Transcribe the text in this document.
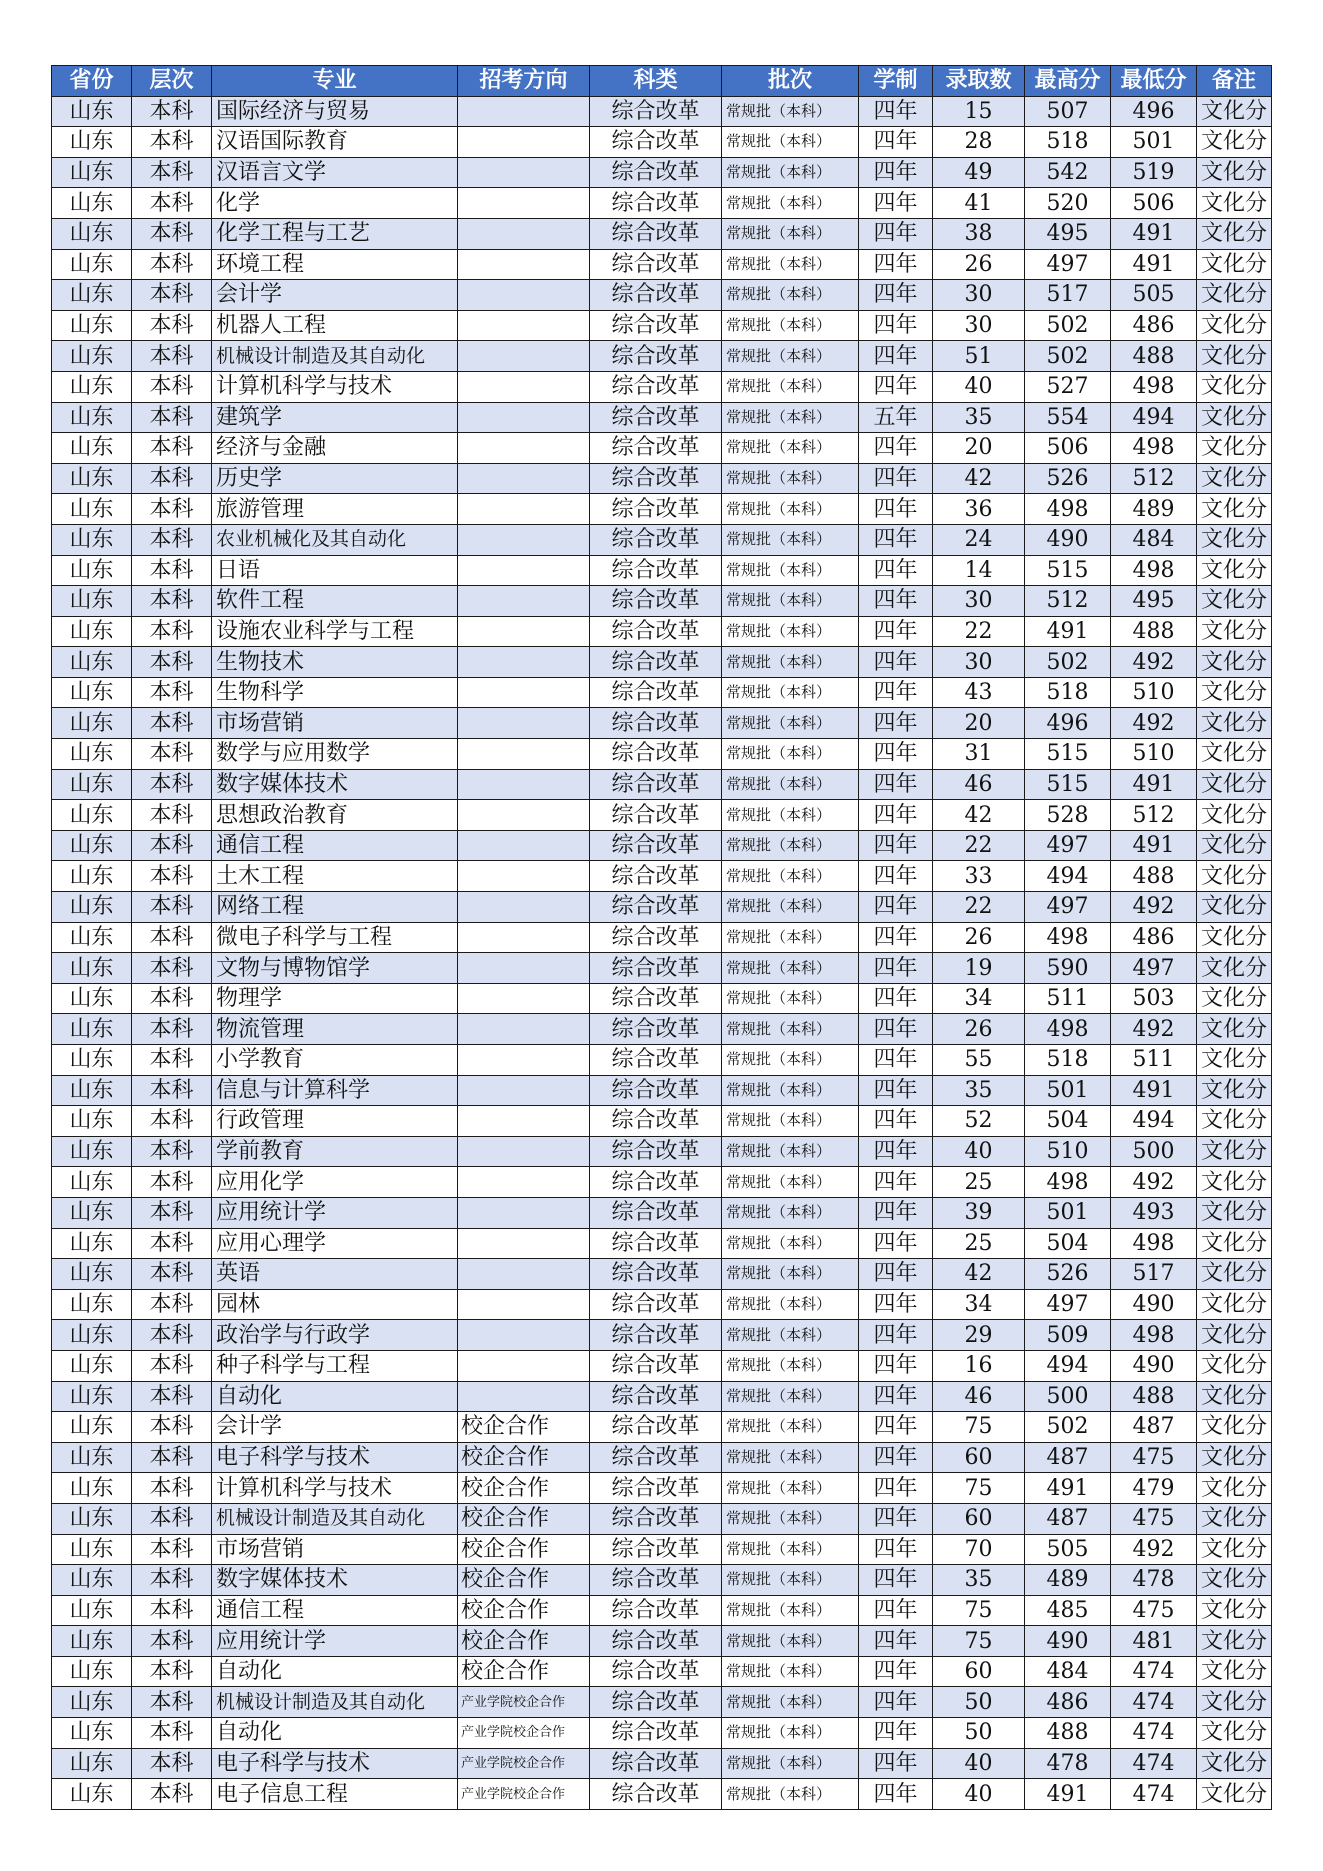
省份	层次	专业	招考方向	科类	批次	学制	录取数	最高分	最低分	备注
山东	本科	国际经济与贸易		综合改革	常规批（本科）	四年	15	507	496	文化分
山东	本科	汉语国际教育		综合改革	常规批（本科）	四年	28	518	501	文化分
山东	本科	汉语言文学		综合改革	常规批（本科）	四年	49	542	519	文化分
山东	本科	化学		综合改革	常规批（本科）	四年	41	520	506	文化分
山东	本科	化学工程与工艺		综合改革	常规批（本科）	四年	38	495	491	文化分
山东	本科	环境工程		综合改革	常规批（本科）	四年	26	497	491	文化分
山东	本科	会计学		综合改革	常规批（本科）	四年	30	517	505	文化分
山东	本科	机器人工程		综合改革	常规批（本科）	四年	30	502	486	文化分
山东	本科	机械设计制造及其自动化		综合改革	常规批（本科）	四年	51	502	488	文化分
山东	本科	计算机科学与技术		综合改革	常规批（本科）	四年	40	527	498	文化分
山东	本科	建筑学		综合改革	常规批（本科）	五年	35	554	494	文化分
山东	本科	经济与金融		综合改革	常规批（本科）	四年	20	506	498	文化分
山东	本科	历史学		综合改革	常规批（本科）	四年	42	526	512	文化分
山东	本科	旅游管理		综合改革	常规批（本科）	四年	36	498	489	文化分
山东	本科	农业机械化及其自动化		综合改革	常规批（本科）	四年	24	490	484	文化分
山东	本科	日语		综合改革	常规批（本科）	四年	14	515	498	文化分
山东	本科	软件工程		综合改革	常规批（本科）	四年	30	512	495	文化分
山东	本科	设施农业科学与工程		综合改革	常规批（本科）	四年	22	491	488	文化分
山东	本科	生物技术		综合改革	常规批（本科）	四年	30	502	492	文化分
山东	本科	生物科学		综合改革	常规批（本科）	四年	43	518	510	文化分
山东	本科	市场营销		综合改革	常规批（本科）	四年	20	496	492	文化分
山东	本科	数学与应用数学		综合改革	常规批（本科）	四年	31	515	510	文化分
山东	本科	数字媒体技术		综合改革	常规批（本科）	四年	46	515	491	文化分
山东	本科	思想政治教育		综合改革	常规批（本科）	四年	42	528	512	文化分
山东	本科	通信工程		综合改革	常规批（本科）	四年	22	497	491	文化分
山东	本科	土木工程		综合改革	常规批（本科）	四年	33	494	488	文化分
山东	本科	网络工程		综合改革	常规批（本科）	四年	22	497	492	文化分
山东	本科	微电子科学与工程		综合改革	常规批（本科）	四年	26	498	486	文化分
山东	本科	文物与博物馆学		综合改革	常规批（本科）	四年	19	590	497	文化分
山东	本科	物理学		综合改革	常规批（本科）	四年	34	511	503	文化分
山东	本科	物流管理		综合改革	常规批（本科）	四年	26	498	492	文化分
山东	本科	小学教育		综合改革	常规批（本科）	四年	55	518	511	文化分
山东	本科	信息与计算科学		综合改革	常规批（本科）	四年	35	501	491	文化分
山东	本科	行政管理		综合改革	常规批（本科）	四年	52	504	494	文化分
山东	本科	学前教育		综合改革	常规批（本科）	四年	40	510	500	文化分
山东	本科	应用化学		综合改革	常规批（本科）	四年	25	498	492	文化分
山东	本科	应用统计学		综合改革	常规批（本科）	四年	39	501	493	文化分
山东	本科	应用心理学		综合改革	常规批（本科）	四年	25	504	498	文化分
山东	本科	英语		综合改革	常规批（本科）	四年	42	526	517	文化分
山东	本科	园林		综合改革	常规批（本科）	四年	34	497	490	文化分
山东	本科	政治学与行政学		综合改革	常规批（本科）	四年	29	509	498	文化分
山东	本科	种子科学与工程		综合改革	常规批（本科）	四年	16	494	490	文化分
山东	本科	自动化		综合改革	常规批（本科）	四年	46	500	488	文化分
山东	本科	会计学	校企合作	综合改革	常规批（本科）	四年	75	502	487	文化分
山东	本科	电子科学与技术	校企合作	综合改革	常规批（本科）	四年	60	487	475	文化分
山东	本科	计算机科学与技术	校企合作	综合改革	常规批（本科）	四年	75	491	479	文化分
山东	本科	机械设计制造及其自动化	校企合作	综合改革	常规批（本科）	四年	60	487	475	文化分
山东	本科	市场营销	校企合作	综合改革	常规批（本科）	四年	70	505	492	文化分
山东	本科	数字媒体技术	校企合作	综合改革	常规批（本科）	四年	35	489	478	文化分
山东	本科	通信工程	校企合作	综合改革	常规批（本科）	四年	75	485	475	文化分
山东	本科	应用统计学	校企合作	综合改革	常规批（本科）	四年	75	490	481	文化分
山东	本科	自动化	校企合作	综合改革	常规批（本科）	四年	60	484	474	文化分
山东	本科	机械设计制造及其自动化	产业学院校企合作	综合改革	常规批（本科）	四年	50	486	474	文化分
山东	本科	自动化	产业学院校企合作	综合改革	常规批（本科）	四年	50	488	474	文化分
山东	本科	电子科学与技术	产业学院校企合作	综合改革	常规批（本科）	四年	40	478	474	文化分
山东	本科	电子信息工程	产业学院校企合作	综合改革	常规批（本科）	四年	40	491	474	文化分
